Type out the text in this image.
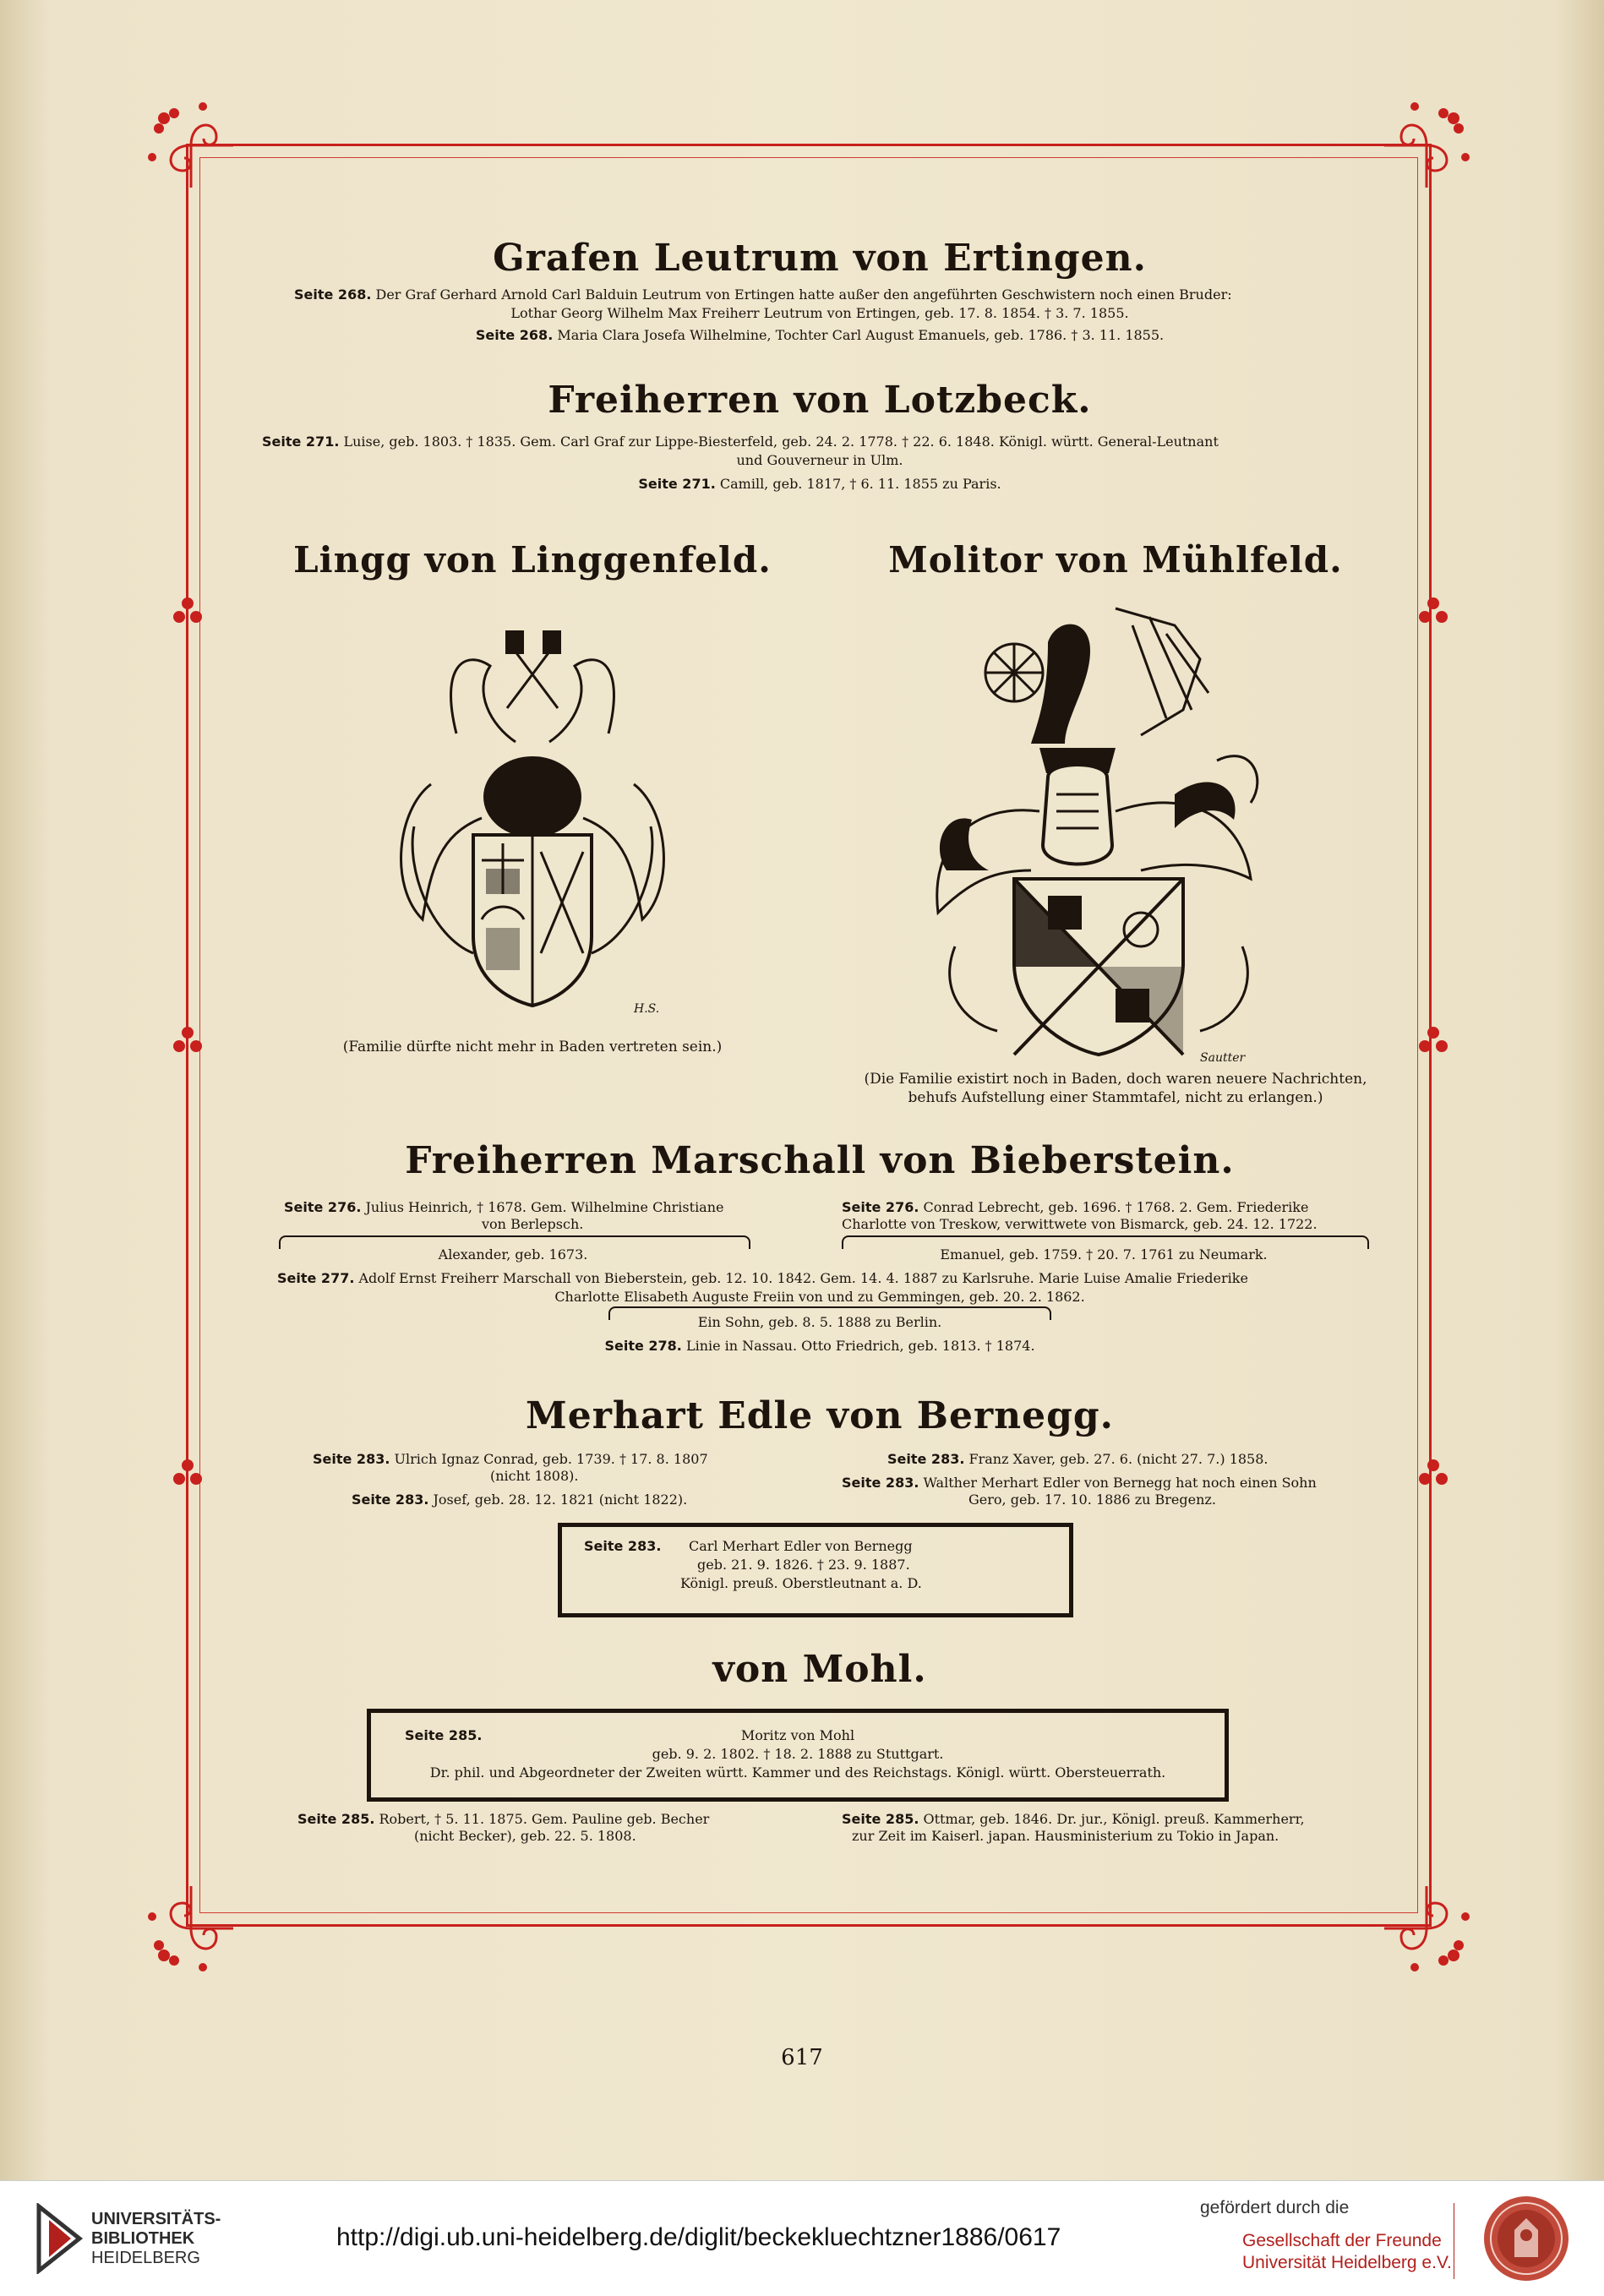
Grafen Leutrum von Ertingen.
Seite 268. Der Graf Gerhard Arnold Carl Balduin Leutrum von Ertingen hatte außer den angeführten Geschwistern noch einen Bruder:
Lothar Georg Wilhelm Max Freiherr Leutrum von Ertingen, geb. 17. 8. 1854. † 3. 7. 1855.
Seite 268. Maria Clara Josefa Wilhelmine, Tochter Carl August Emanuels, geb. 1786. † 3. 11. 1855.
Freiherren von Lotzbeck.
Seite 271. Luise, geb. 1803. † 1835. Gem. Carl Graf zur Lippe-Biesterfeld, geb. 24. 2. 1778. † 22. 6. 1848. Königl. württ. General-Leutnant
und Gouverneur in Ulm.
Seite 271. Camill, geb. 1817, † 6. 11. 1855 zu Paris.
Lingg von Linggenfeld.	Molitor von Mühlfeld.
H.S.
(Familie dürfte nicht mehr in Baden vertreten sein.)
Sautter
(Die Familie existirt noch in Baden, doch waren neuere Nachrichten,
behufs Aufstellung einer Stammtafel, nicht zu erlangen.)
Freiherren Marschall von Bieberstein.
Seite 276. Julius Heinrich, † 1678. Gem. Wilhelmine Christiane
von Berlepsch.
Seite 276. Conrad Lebrecht, geb. 1696. † 1768. 2. Gem. Friederike
Charlotte von Treskow, verwittwete von Bismarck, geb. 24. 12. 1722.
Alexander, geb. 1673.	Emanuel, geb. 1759. † 20. 7. 1761 zu Neumark.
Seite 277. Adolf Ernst Freiherr Marschall von Bieberstein, geb. 12. 10. 1842. Gem. 14. 4. 1887 zu Karlsruhe. Marie Luise Amalie Friederike
Charlotte Elisabeth Auguste Freiin von und zu Gemmingen, geb. 20. 2. 1862.
Ein Sohn, geb. 8. 5. 1888 zu Berlin.
Seite 278. Linie in Nassau. Otto Friedrich, geb. 1813. † 1874.
Merhart Edle von Bernegg.
Seite 283. Ulrich Ignaz Conrad, geb. 1739. † 17. 8. 1807
(nicht 1808).
Seite 283. Franz Xaver, geb. 27. 6. (nicht 27. 7.) 1858.
Seite 283. Josef, geb. 28. 12. 1821 (nicht 1822).
Seite 283. Walther Merhart Edler von Bernegg hat noch einen Sohn
Gero, geb. 17. 10. 1886 zu Bregenz.
Seite 283. Carl Merhart Edler von Bernegg
geb. 21. 9. 1826. † 23. 9. 1887.
Königl. preuß. Oberstleutnant a. D.
von Mohl.
Seite 285.	Moritz von Mohl
geb. 9. 2. 1802. † 18. 2. 1888 zu Stuttgart.
Dr. phil. und Abgeordneter der Zweiten württ. Kammer und des Reichstags. Königl. württ. Obersteuerrath.
Seite 285. Robert, † 5. 11. 1875. Gem. Pauline geb. Becher
(nicht Becker), geb. 22. 5. 1808.
Seite 285. Ottmar, geb. 1846. Dr. jur., Königl. preuß. Kammerherr,
zur Zeit im Kaiserl. japan. Hausministerium zu Tokio in Japan.
617
UNIVERSITÄTS-
BIBLIOTHEK
HEIDELBERG
http://digi.ub.uni-heidelberg.de/diglit/beckekluechtzner1886/0617
gefördert durch die
Gesellschaft der Freunde
Universität Heidelberg e.V.
